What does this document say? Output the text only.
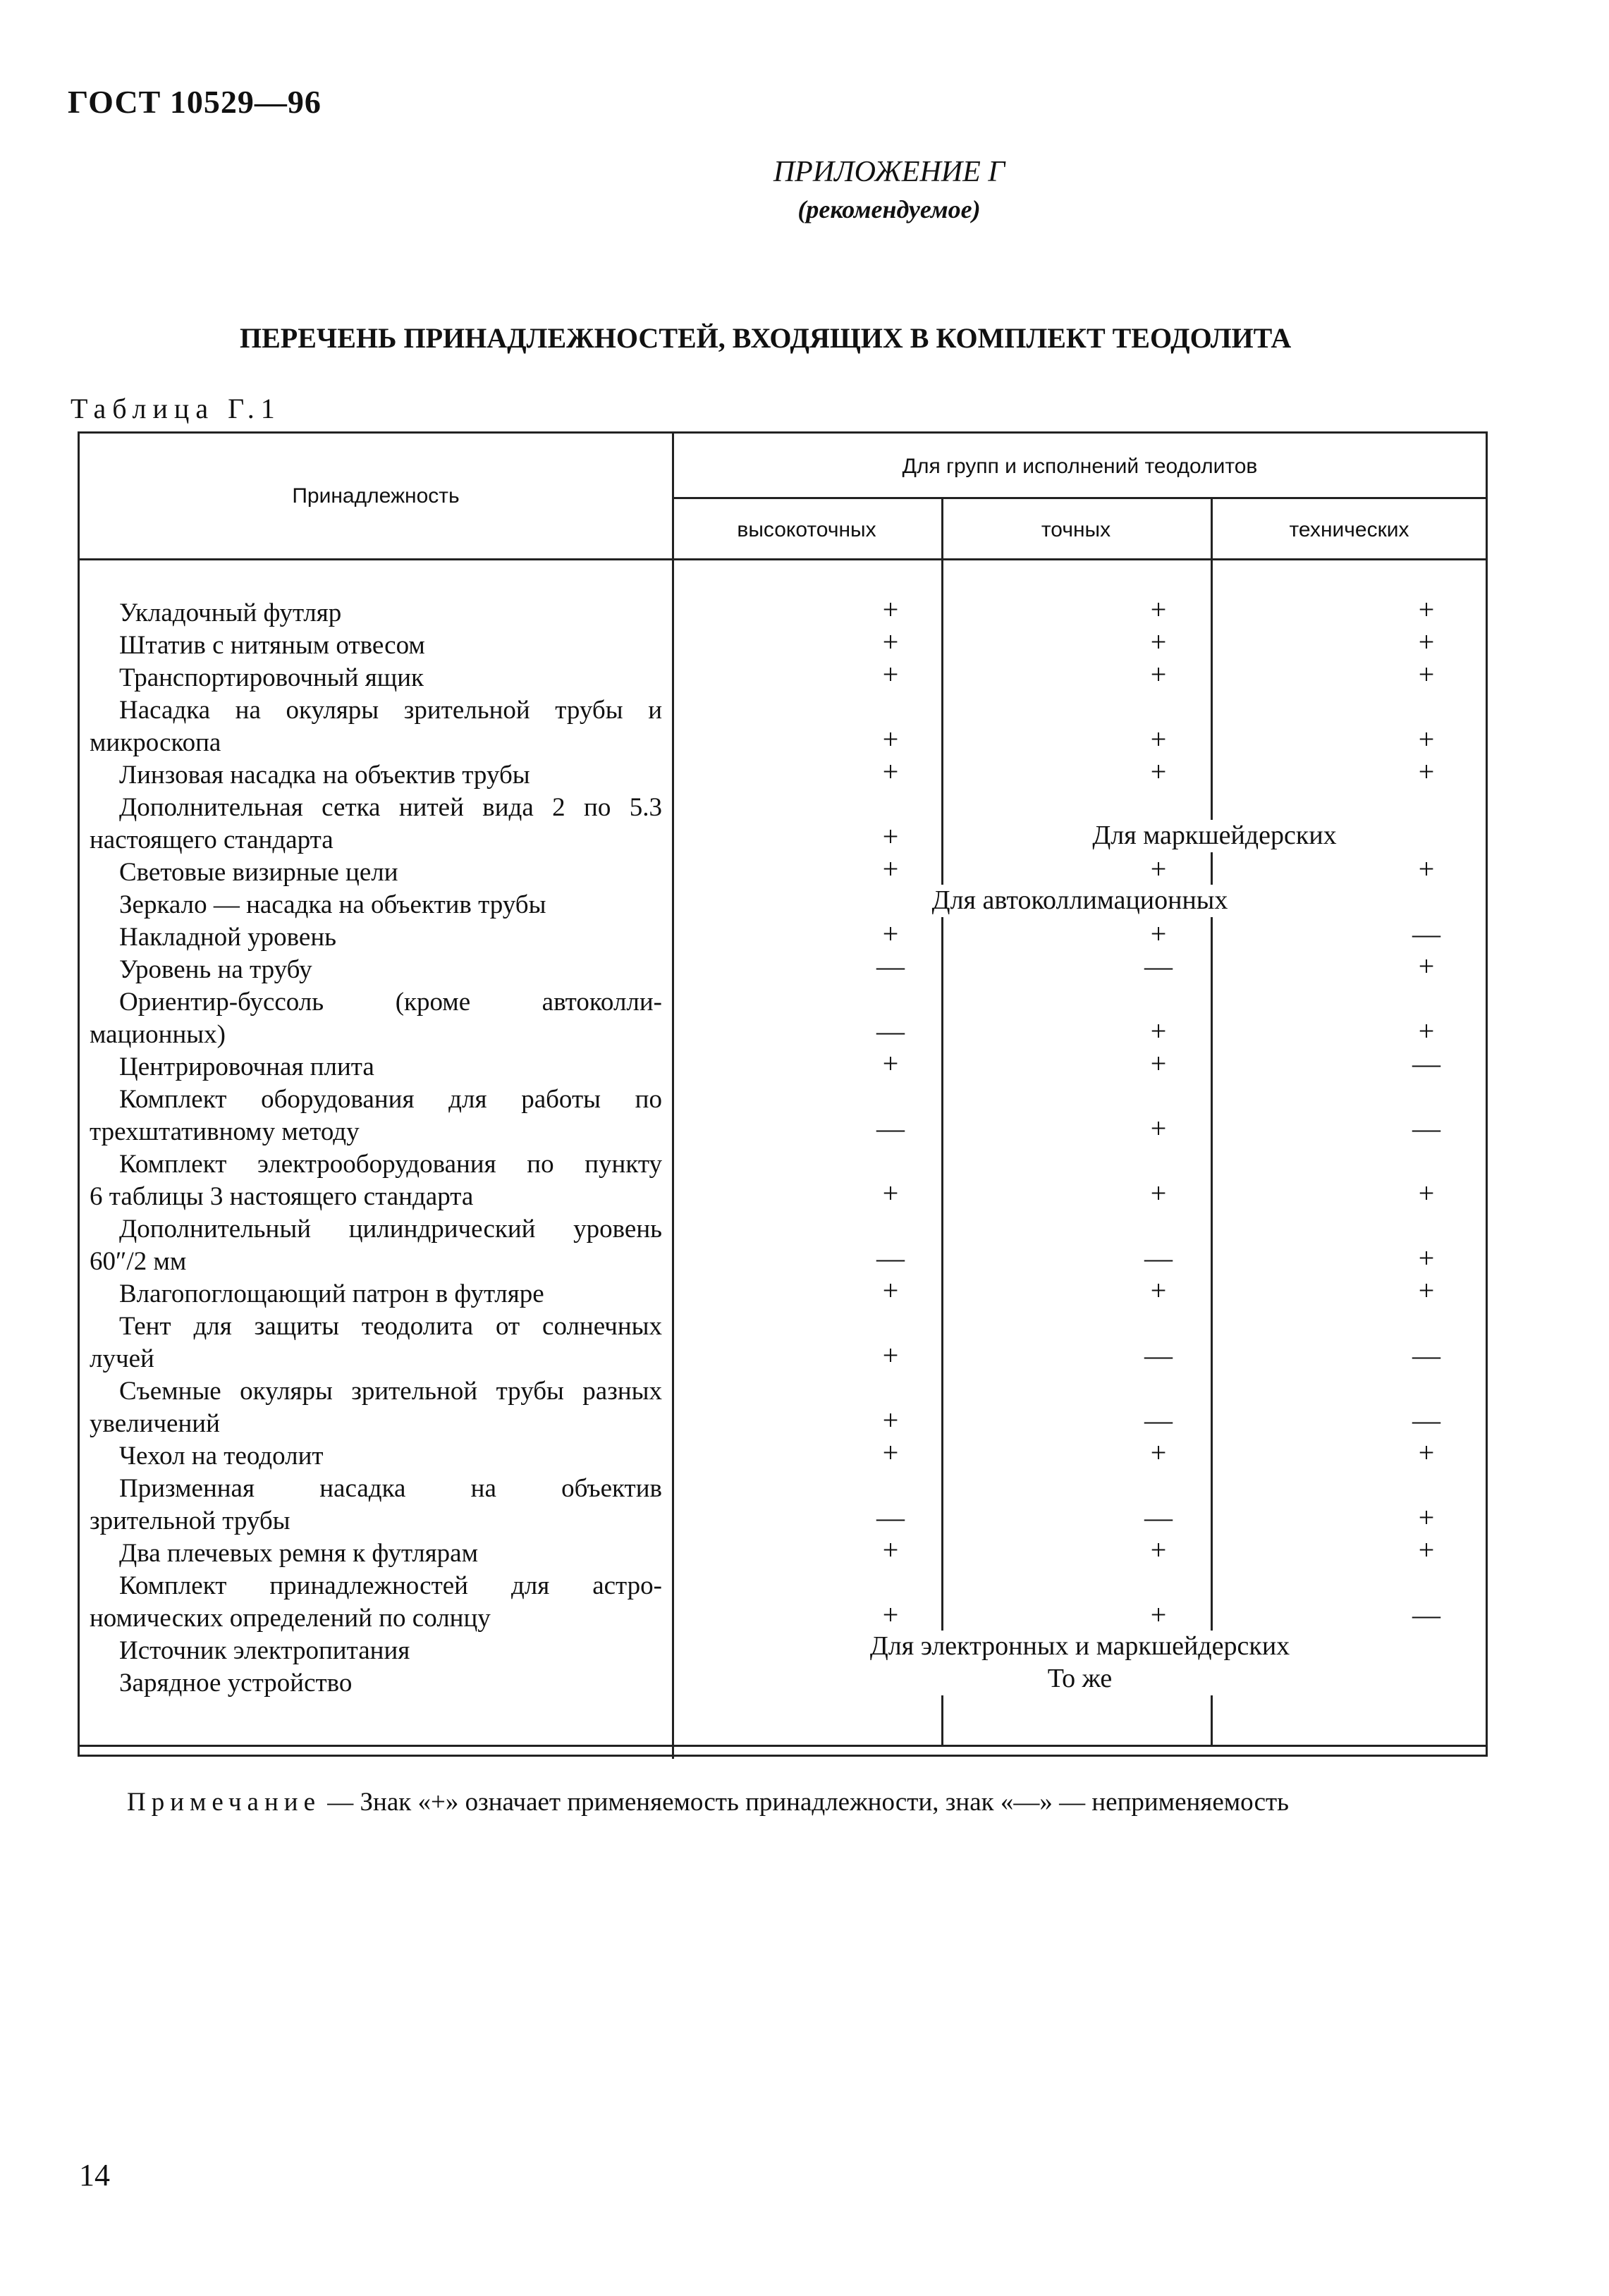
ГОСТ 10529—96
ПРИЛОЖЕНИЕ Г
(рекомендуемое)
ПЕРЕЧЕНЬ ПРИНАДЛЕЖНОСТЕЙ, ВХОДЯЩИХ В КОМПЛЕКТ ТЕОДОЛИТА
Таблица Г.1
Принадлежность
Для групп и исполнений теодолитов
высокоточных	точных	технических
Укладочный футляр	+	+	+
Штатив с нитяным отвесом	+	+	+
Транспортировочный ящик	+	+	+
Насадка на окуляры зрительной трубы и
микроскопа	+	+	+
Линзовая насадка на объектив трубы	+	+	+
Дополнительная сетка нитей вида 2 по 5.3
настоящего стандарта	+	Для маркшейдерских
Световые визирные цели	+	+	+
Зеркало — насадка на объектив трубы	Для автоколлимационных
Накладной уровень	+	+	—
Уровень на трубу	—	—	+
Ориентир-буссоль (кроме автоколли-
мационных)	—	+	+
Центрировочная плита	+	+	—
Комплект оборудования для работы по
трехштативному методу	—	+	—
Комплект электрооборудования по пункту
6 таблицы 3 настоящего стандарта	+	+	+
Дополнительный цилиндрический уровень
60″/2 мм	—	—	+
Влагопоглощающий патрон в футляре	+	+	+
Тент для защиты теодолита от солнечных
лучей	+	—	—
Съемные окуляры зрительной трубы разных
увеличений	+	—	—
Чехол на теодолит	+	+	+
Призменная насадка на объектив
зрительной трубы	—	—	+
Два плечевых ремня к футлярам	+	+	+
Комплект принадлежностей для астро-
номических определений по солнцу	+	+	—
Источник электропитания	Для электронных и маркшейдерских
Зарядное устройство	То же
Примечание — Знак «+» означает применяемость принадлежности, знак «—» — неприменяемость
14
